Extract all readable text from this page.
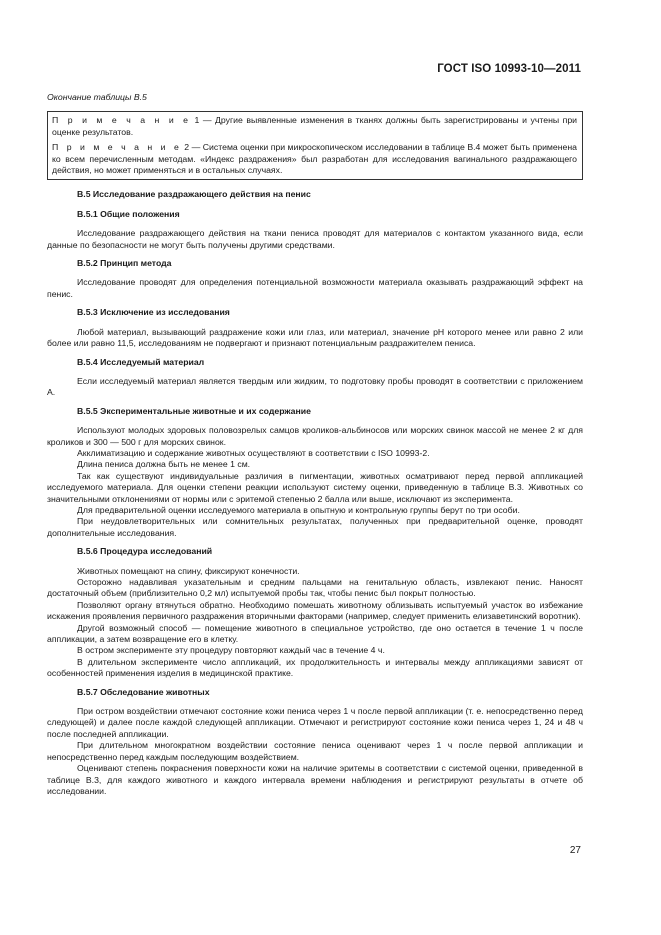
ГОСТ ISO 10993-10—2011
Окончание таблицы В.5

П р и м е ч а н и е 1 — Другие выявленные изменения в тканях должны быть зарегистрированы и учтены при оценке результатов.

П р и м е ч а н и е 2 — Система оценки при микроскопическом исследовании в таблице В.4 может быть применена ко всем перечисленным методам. «Индекс раздражения» был разработан для исследования вагинального раздражающего действия, но может применяться и в остальных случаях.

В.5 Исследование раздражающего действия на пенис
В.5.1 Общие положения

Исследование раздражающего действия на ткани пениса проводят для материалов с контактом указанного вида, если данные по безопасности не могут быть получены другими средствами.

В.5.2 Принцип метода

Исследование проводят для определения потенциальной возможности материала оказывать раздражающий эффект на пенис.

В.5.3 Исключение из исследования

Любой материал, вызывающий раздражение кожи или глаз, или материал, значение pH которого менее или равно 2 или более или равно 11,5, исследованиям не подвергают и признают потенциальным раздражителем пениса.

В.5.4 Исследуемый материал

Если исследуемый материал является твердым или жидким, то подготовку пробы проводят в соответствии с приложением А.

В.5.5 Экспериментальные животные и их содержание

Используют молодых здоровых половозрелых самцов кроликов-альбиносов или морских свинок массой не менее 2 кг для кроликов и 300 — 500 г для морских свинок.

Акклиматизацию и содержание животных осуществляют в соответствии с ISO 10993-2.

Длина пениса должна быть не менее 1 см.

Так как существуют индивидуальные различия в пигментации, животных осматривают перед первой аппликацией исследуемого материала. Для оценки степени реакции используют систему оценки, приведенную в таблице В.3. Животных со значительными отклонениями от нормы или с эритемой степенью 2 балла или выше, исключают из эксперимента.

Для предварительной оценки исследуемого материала в опытную и контрольную группы берут по три особи.

При неудовлетворительных или сомнительных результатах, полученных при предварительной оценке, проводят дополнительные исследования.

В.5.6 Процедура исследований

Животных помещают на спину, фиксируют конечности.

Осторожно надавливая указательным и средним пальцами на генитальную область, извлекают пенис. Наносят достаточный объем (приблизительно 0,2 мл) испытуемой пробы так, чтобы пенис был покрыт полностью.

Позволяют органу втянуться обратно. Необходимо помешать животному облизывать испытуемый участок во избежание искажения проявления первичного раздражения вторичными факторами (например, следует применить елизаветинский воротник).

Другой возможный способ — помещение животного в специальное устройство, где оно остается в течение 1 ч после аппликации, а затем возвращение его в клетку.

В остром эксперименте эту процедуру повторяют каждый час в течение 4 ч.

В длительном эксперименте число аппликаций, их продолжительность и интервалы между аппликациями зависят от особенностей применения изделия в медицинской практике.

В.5.7 Обследование животных

При остром воздействии отмечают состояние кожи пениса через 1 ч после первой аппликации (т. е. непосредственно перед следующей) и далее после каждой следующей аппликации. Отмечают и регистрируют состояние кожи пениса через 1, 24 и 48 ч после последней аппликации.

При длительном многократном воздействии состояние пениса оценивают через 1 ч после первой аппликации и непосредственно перед каждым последующим воздействием.

Оценивают степень покраснения поверхности кожи на наличие эритемы в соответствии с системой оценки, приведенной в таблице В.3, для каждого животного и каждого интервала времени наблюдения и регистрируют результаты в отчете об исследовании.

27
